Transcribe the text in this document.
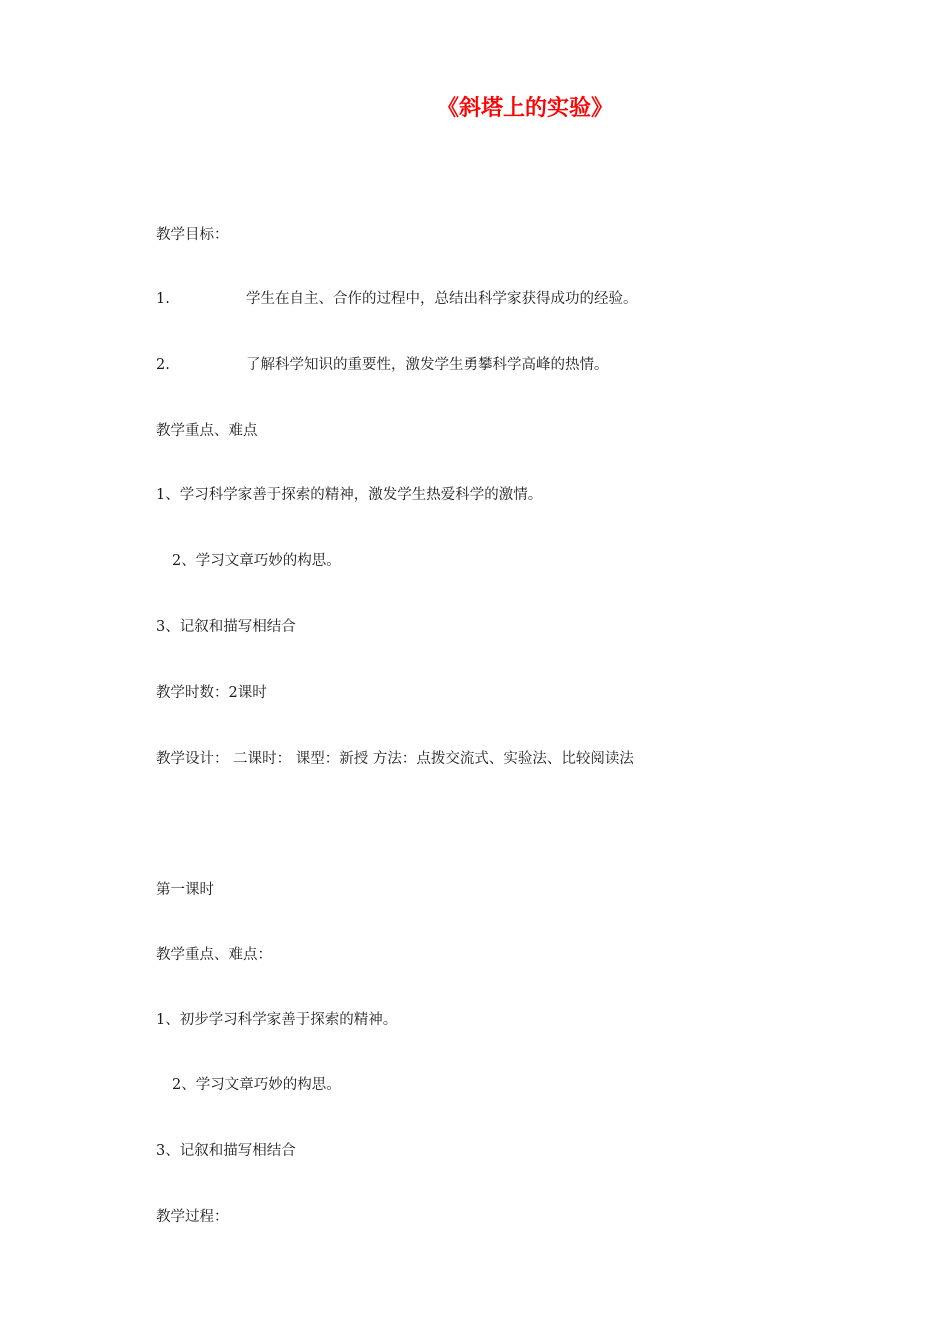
《斜塔上的实验》
教学目标：
1.	学生在自主、合作的过程中，总结出科学家获得成功的经验。
2.	了解科学知识的重要性，激发学生勇攀科学高峰的热情。
教学重点、难点
1、学习科学家善于探索的精神，激发学生热爱科学的激情。
2、学习文章巧妙的构思。
3、记叙和描写相结合
教学时数：2课时
教学设计： 二课时： 课型：新授 方法：点拨交流式、实验法、比较阅读法
第一课时
教学重点、难点：
1、初步学习科学家善于探索的精神。
2、学习文章巧妙的构思。
3、记叙和描写相结合
教学过程：
